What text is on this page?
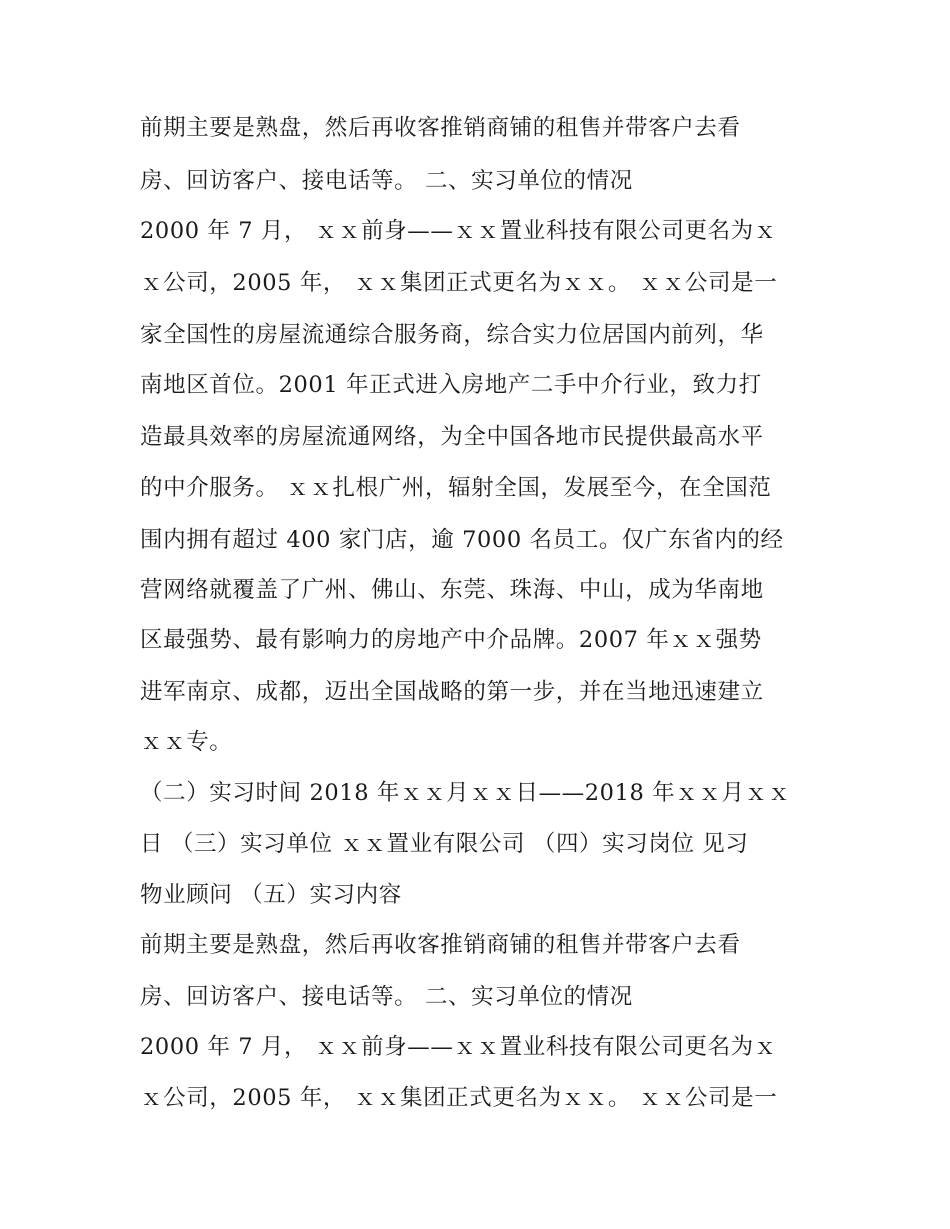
前期主要是熟盘，然后再收客推销商铺的租售并带客户去看
房、回访客户、接电话等。 二、实习单位的情况
2000 年 7 月， ｘｘ前身——ｘｘ置业科技有限公司更名为ｘ
ｘ公司，2005 年， ｘｘ集团正式更名为ｘｘ。 ｘｘ公司是一
家全国性的房屋流通综合服务商，综合实力位居国内前列，华
南地区首位。2001 年正式进入房地产二手中介行业，致力打
造最具效率的房屋流通网络，为全中国各地市民提供最高水平
的中介服务。 ｘｘ扎根广州，辐射全国，发展至今，在全国范
围内拥有超过 400 家门店，逾 7000 名员工。仅广东省内的经
营网络就覆盖了广州、佛山、东莞、珠海、中山，成为华南地
区最强势、最有影响力的房地产中介品牌。2007 年ｘｘ强势
进军南京、成都，迈出全国战略的第一步，并在当地迅速建立
ｘｘ专。
（二）实习时间 2018 年ｘｘ月ｘｘ日——2018 年ｘｘ月ｘｘ
日 （三）实习单位 ｘｘ置业有限公司 （四）实习岗位 见习
物业顾问 （五）实习内容
前期主要是熟盘，然后再收客推销商铺的租售并带客户去看
房、回访客户、接电话等。 二、实习单位的情况
2000 年 7 月， ｘｘ前身——ｘｘ置业科技有限公司更名为ｘ
ｘ公司，2005 年， ｘｘ集团正式更名为ｘｘ。 ｘｘ公司是一
